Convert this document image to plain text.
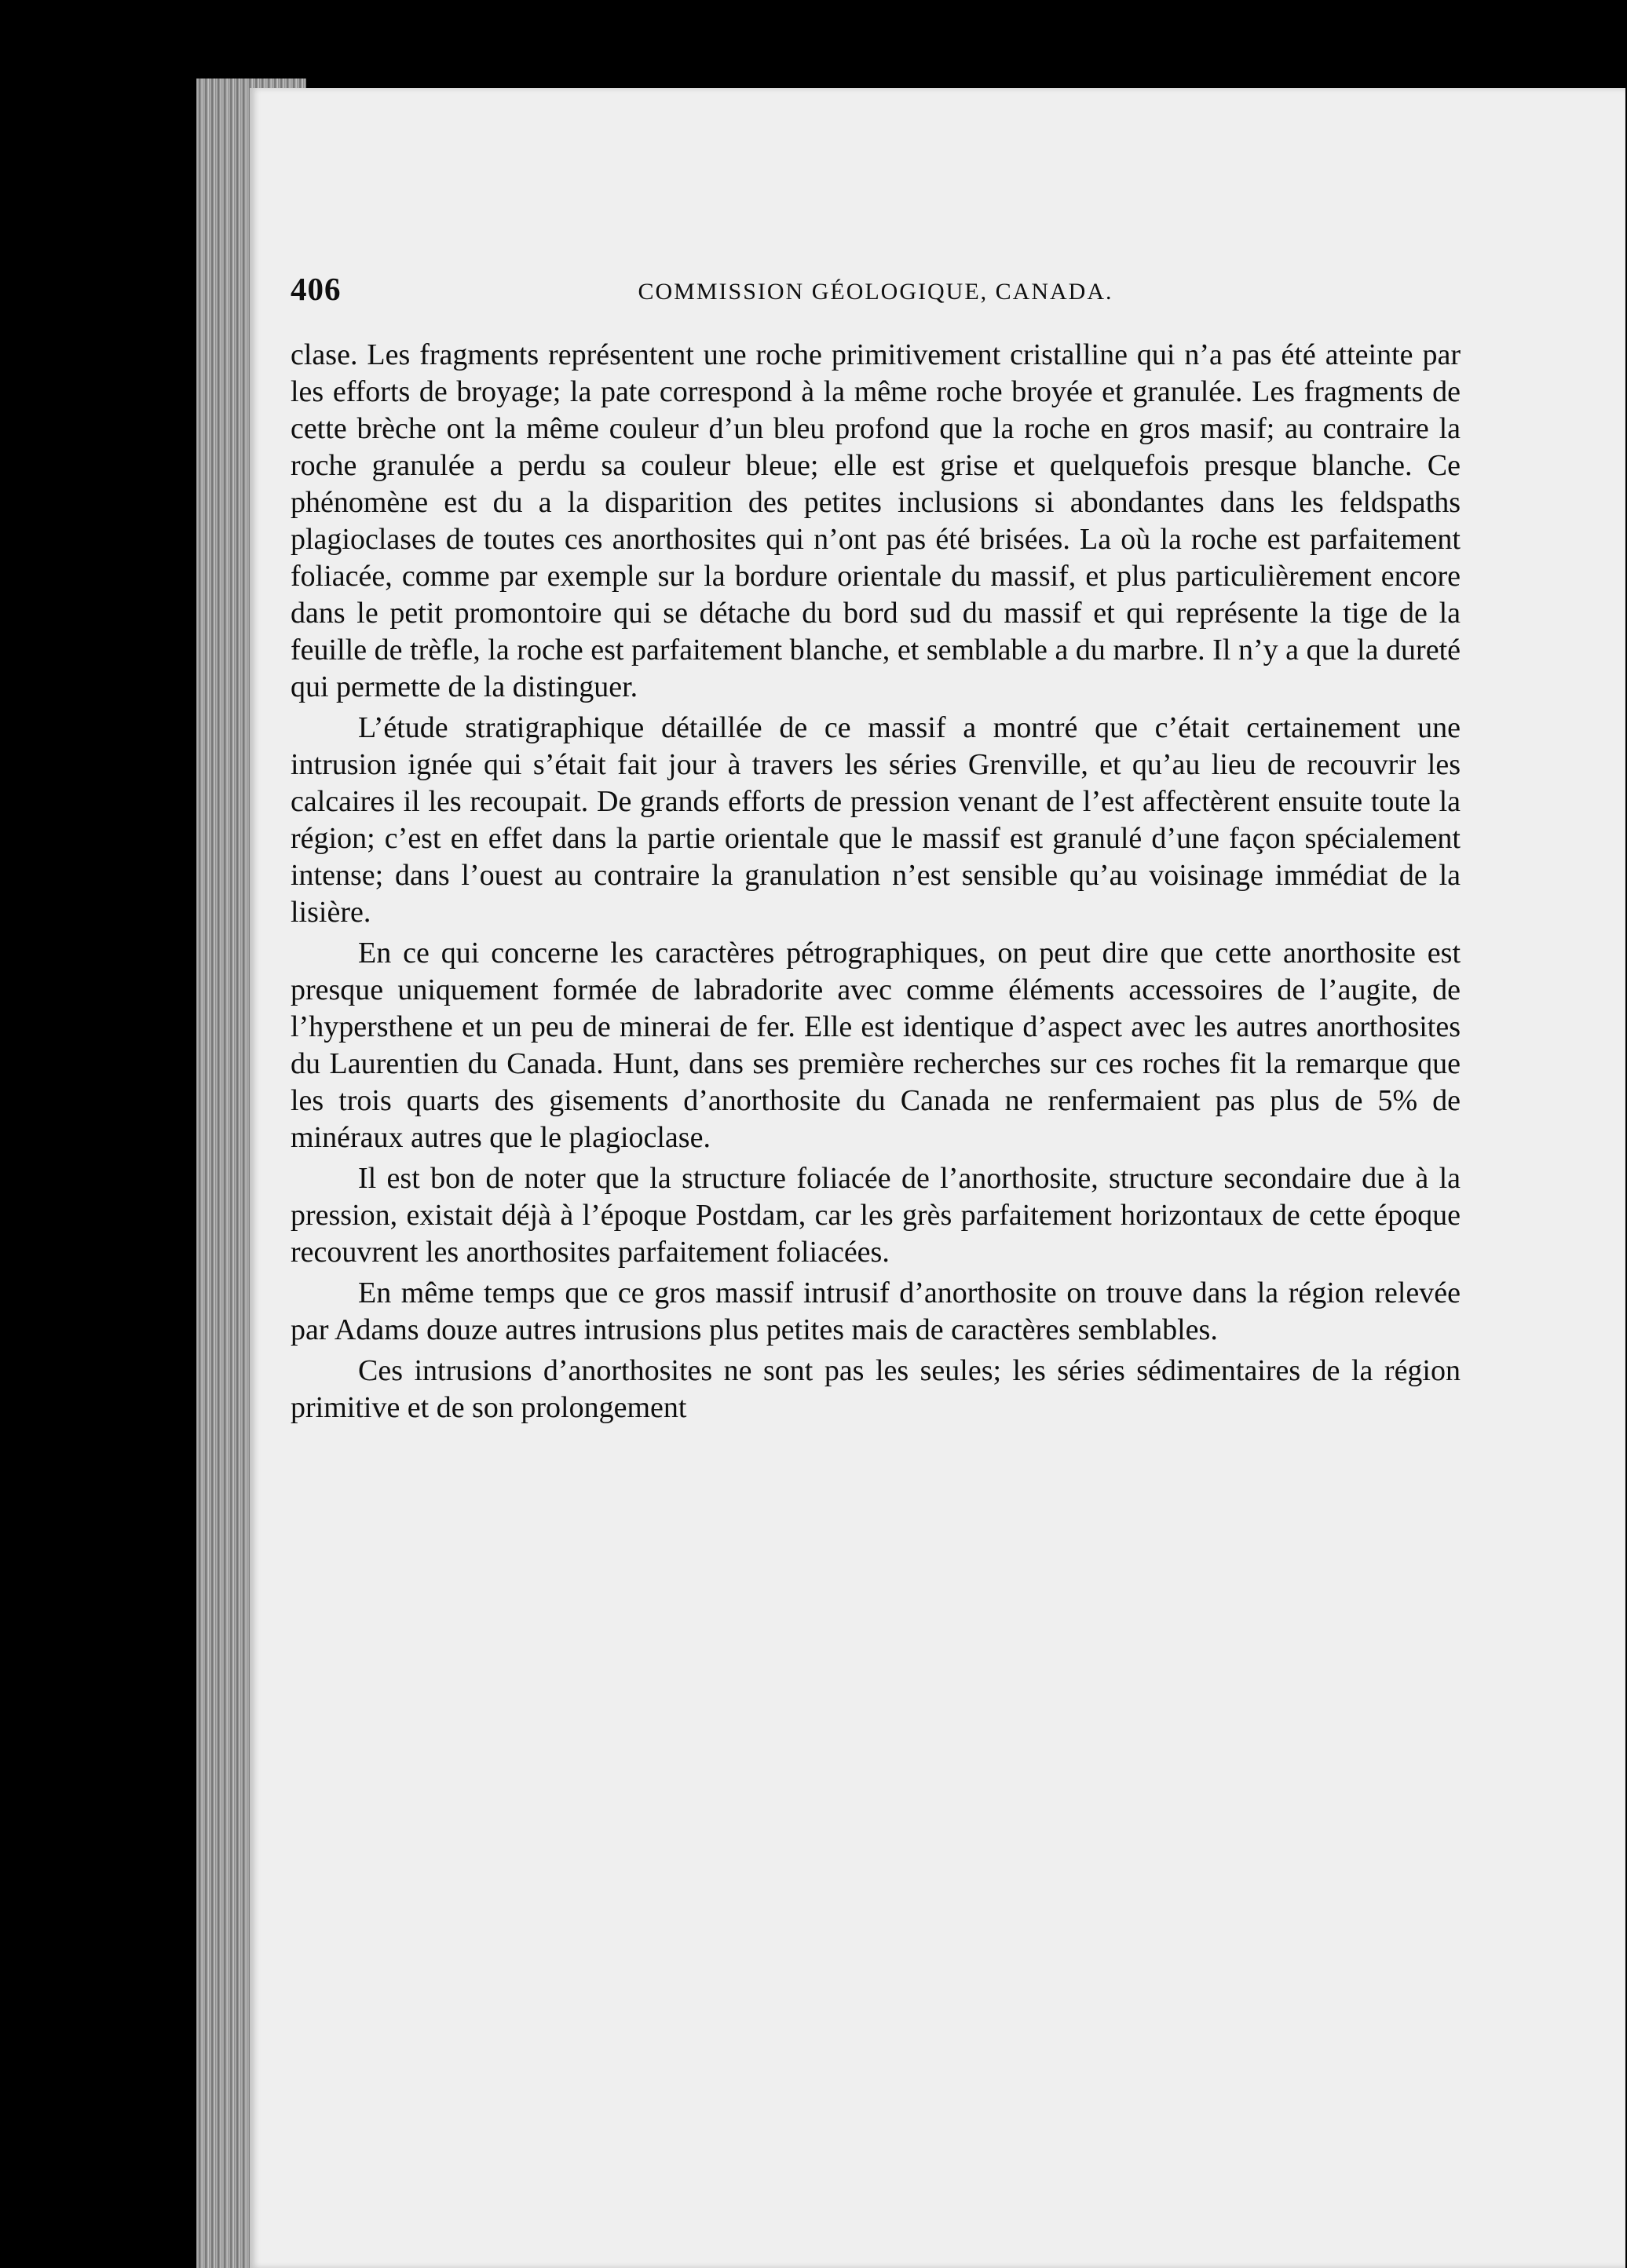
406	COMMISSION GÉOLOGIQUE, CANADA.

clase. Les fragments représentent une roche primitivement cristalline qui n’a pas été atteinte par les efforts de broyage; la pate correspond à la même roche broyée et granulée. Les fragments de cette brèche ont la même couleur d’un bleu profond que la roche en gros masif; au contraire la roche granulée a perdu sa couleur bleue; elle est grise et quelquefois presque blanche. Ce phénomène est du a la disparition des petites inclusions si abondantes dans les feldspaths plagioclases de toutes ces anorthosites qui n’ont pas été brisées. La où la roche est parfaitement foliacée, comme par exemple sur la bordure orientale du massif, et plus particulièrement encore dans le petit promontoire qui se détache du bord sud du massif et qui représente la tige de la feuille de trèfle, la roche est parfaitement blanche, et semblable a du marbre. Il n’y a que la dureté qui permette de la distinguer.

L’étude stratigraphique détaillée de ce massif a montré que c’était certainement une intrusion ignée qui s’était fait jour à travers les séries Grenville, et qu’au lieu de recouvrir les calcaires il les recoupait. De grands efforts de pression venant de l’est affectèrent ensuite toute la région; c’est en effet dans la partie orientale que le massif est granulé d’une façon spécialement intense; dans l’ouest au contraire la granulation n’est sensible qu’au voisinage immédiat de la lisière.

En ce qui concerne les caractères pétrographiques, on peut dire que cette anorthosite est presque uniquement formée de labradorite avec comme éléments accessoires de l’augite, de l’hypersthene et un peu de minerai de fer. Elle est identique d’aspect avec les autres anorthosites du Laurentien du Canada. Hunt, dans ses première recherches sur ces roches fit la remarque que les trois quarts des gisements d’anorthosite du Canada ne renfermaient pas plus de 5% de minéraux autres que le plagioclase.

Il est bon de noter que la structure foliacée de l’anorthosite, structure secondaire due à la pression, existait déjà à l’époque Postdam, car les grès parfaitement horizontaux de cette époque recouvrent les anorthosites parfaitement foliacées.

En même temps que ce gros massif intrusif d’anorthosite on trouve dans la région relevée par Adams douze autres intrusions plus petites mais de caractères semblables.

Ces intrusions d’anorthosites ne sont pas les seules; les séries sédimentaires de la région primitive et de son prolongement
